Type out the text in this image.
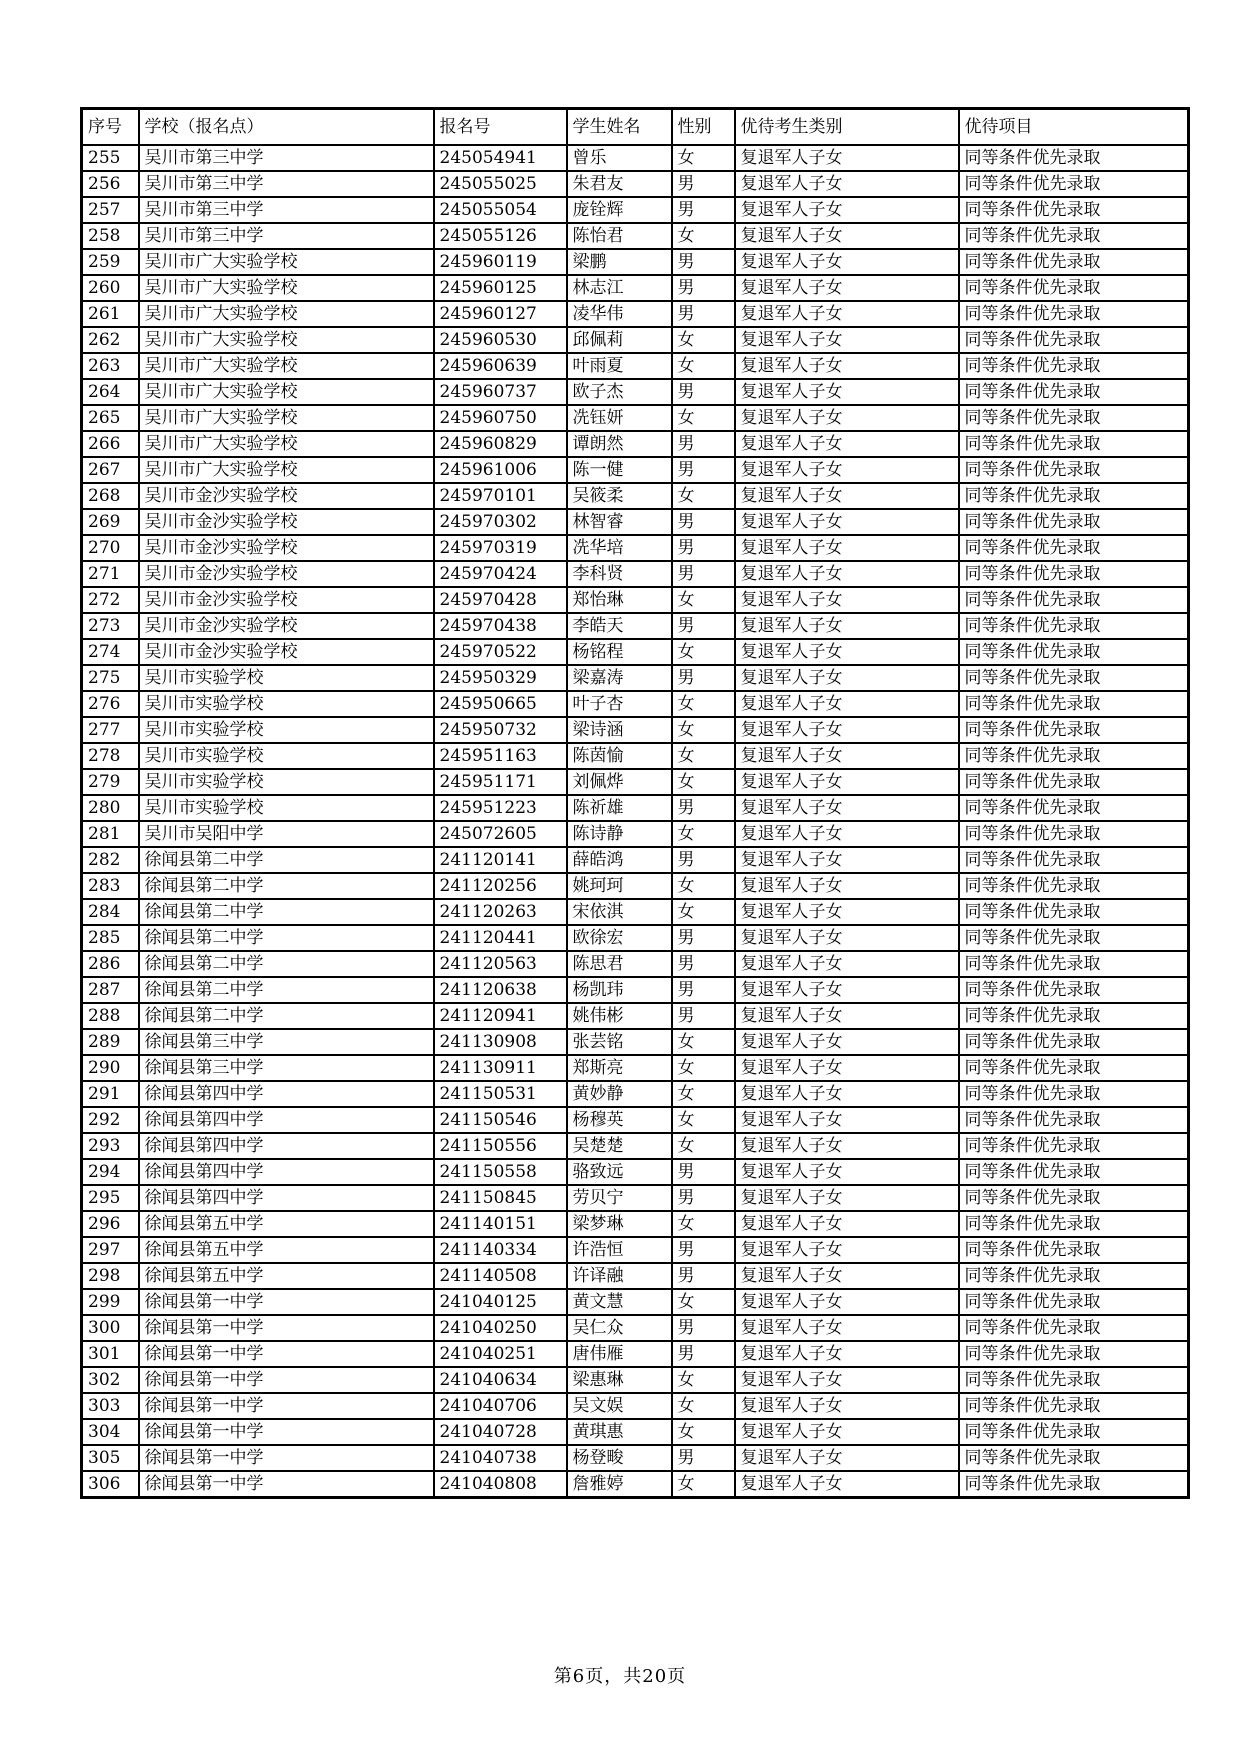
序号	学校（报名点）	报名号	学生姓名	性别	优待考生类别	优待项目
255	吴川市第三中学	245054941	曾乐	女	复退军人子女	同等条件优先录取
256	吴川市第三中学	245055025	朱君友	男	复退军人子女	同等条件优先录取
257	吴川市第三中学	245055054	庞铨辉	男	复退军人子女	同等条件优先录取
258	吴川市第三中学	245055126	陈怡君	女	复退军人子女	同等条件优先录取
259	吴川市广大实验学校	245960119	梁鹏	男	复退军人子女	同等条件优先录取
260	吴川市广大实验学校	245960125	林志江	男	复退军人子女	同等条件优先录取
261	吴川市广大实验学校	245960127	凌华伟	男	复退军人子女	同等条件优先录取
262	吴川市广大实验学校	245960530	邱佩莉	女	复退军人子女	同等条件优先录取
263	吴川市广大实验学校	245960639	叶雨夏	女	复退军人子女	同等条件优先录取
264	吴川市广大实验学校	245960737	欧子杰	男	复退军人子女	同等条件优先录取
265	吴川市广大实验学校	245960750	冼钰妍	女	复退军人子女	同等条件优先录取
266	吴川市广大实验学校	245960829	谭朗然	男	复退军人子女	同等条件优先录取
267	吴川市广大实验学校	245961006	陈一健	男	复退军人子女	同等条件优先录取
268	吴川市金沙实验学校	245970101	吴筱柔	女	复退军人子女	同等条件优先录取
269	吴川市金沙实验学校	245970302	林智睿	男	复退军人子女	同等条件优先录取
270	吴川市金沙实验学校	245970319	冼华培	男	复退军人子女	同等条件优先录取
271	吴川市金沙实验学校	245970424	李科贤	男	复退军人子女	同等条件优先录取
272	吴川市金沙实验学校	245970428	郑怡琳	女	复退军人子女	同等条件优先录取
273	吴川市金沙实验学校	245970438	李皓天	男	复退军人子女	同等条件优先录取
274	吴川市金沙实验学校	245970522	杨铭程	女	复退军人子女	同等条件优先录取
275	吴川市实验学校	245950329	梁嘉涛	男	复退军人子女	同等条件优先录取
276	吴川市实验学校	245950665	叶子杏	女	复退军人子女	同等条件优先录取
277	吴川市实验学校	245950732	梁诗涵	女	复退军人子女	同等条件优先录取
278	吴川市实验学校	245951163	陈茵愉	女	复退军人子女	同等条件优先录取
279	吴川市实验学校	245951171	刘佩烨	女	复退军人子女	同等条件优先录取
280	吴川市实验学校	245951223	陈祈雄	男	复退军人子女	同等条件优先录取
281	吴川市吴阳中学	245072605	陈诗静	女	复退军人子女	同等条件优先录取
282	徐闻县第二中学	241120141	薛皓鸿	男	复退军人子女	同等条件优先录取
283	徐闻县第二中学	241120256	姚珂珂	女	复退军人子女	同等条件优先录取
284	徐闻县第二中学	241120263	宋依淇	女	复退军人子女	同等条件优先录取
285	徐闻县第二中学	241120441	欧徐宏	男	复退军人子女	同等条件优先录取
286	徐闻县第二中学	241120563	陈思君	男	复退军人子女	同等条件优先录取
287	徐闻县第二中学	241120638	杨凯玮	男	复退军人子女	同等条件优先录取
288	徐闻县第二中学	241120941	姚伟彬	男	复退军人子女	同等条件优先录取
289	徐闻县第三中学	241130908	张芸铭	女	复退军人子女	同等条件优先录取
290	徐闻县第三中学	241130911	郑斯亮	女	复退军人子女	同等条件优先录取
291	徐闻县第四中学	241150531	黄妙静	女	复退军人子女	同等条件优先录取
292	徐闻县第四中学	241150546	杨穆英	女	复退军人子女	同等条件优先录取
293	徐闻县第四中学	241150556	吴楚楚	女	复退军人子女	同等条件优先录取
294	徐闻县第四中学	241150558	骆致远	男	复退军人子女	同等条件优先录取
295	徐闻县第四中学	241150845	劳贝宁	男	复退军人子女	同等条件优先录取
296	徐闻县第五中学	241140151	梁梦琳	女	复退军人子女	同等条件优先录取
297	徐闻县第五中学	241140334	许浩恒	男	复退军人子女	同等条件优先录取
298	徐闻县第五中学	241140508	许译融	男	复退军人子女	同等条件优先录取
299	徐闻县第一中学	241040125	黄文慧	女	复退军人子女	同等条件优先录取
300	徐闻县第一中学	241040250	吴仁众	男	复退军人子女	同等条件优先录取
301	徐闻县第一中学	241040251	唐伟雁	男	复退军人子女	同等条件优先录取
302	徐闻县第一中学	241040634	梁惠琳	女	复退军人子女	同等条件优先录取
303	徐闻县第一中学	241040706	吴文娱	女	复退军人子女	同等条件优先录取
304	徐闻县第一中学	241040728	黄琪惠	女	复退军人子女	同等条件优先录取
305	徐闻县第一中学	241040738	杨登畯	男	复退军人子女	同等条件优先录取
306	徐闻县第一中学	241040808	詹雅婷	女	复退军人子女	同等条件优先录取
第6页，共20页
